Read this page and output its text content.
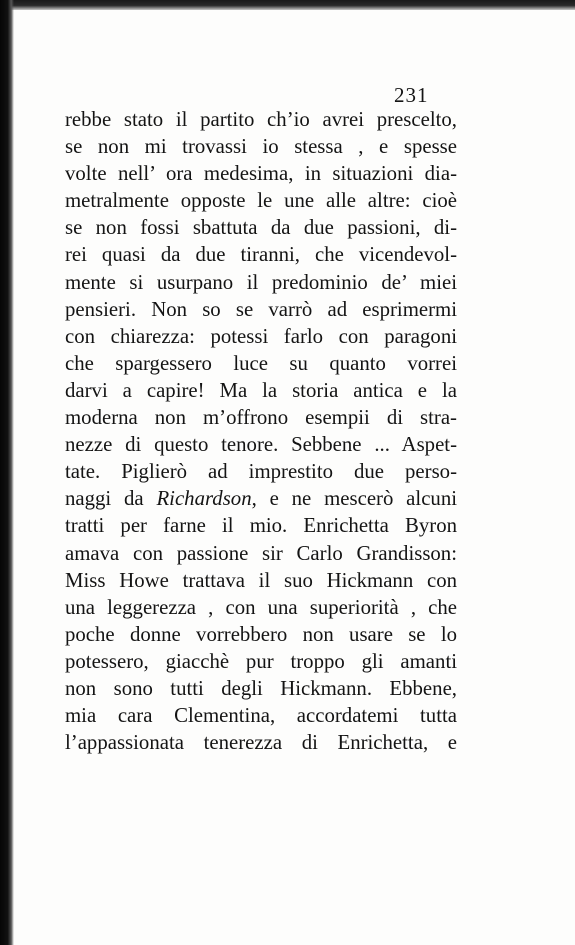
231
rebbe stato il partito ch’io avrei prescelto,
se non mi trovassi io stessa , e spesse
volte nell’ ora medesima, in situazioni dia-
metralmente opposte le une alle altre: cioè
se non fossi sbattuta da due passioni, di-
rei quasi da due tiranni, che vicendevol-
mente si usurpano il predominio de’ miei
pensieri. Non so se varrò ad esprimermi
con chiarezza: potessi farlo con paragoni
che spargessero luce su quanto vorrei
darvi a capire! Ma la storia antica e la
moderna non m’offrono esempii di stra-
nezze di questo tenore. Sebbene ... Aspet-
tate. Piglierò ad imprestito due perso-
naggi da Richardson, e ne mescerò alcuni
tratti per farne il mio. Enrichetta Byron
amava con passione sir Carlo Grandisson:
Miss Howe trattava il suo Hickmann con
una leggerezza , con una superiorità , che
poche donne vorrebbero non usare se lo
potessero, giacchè pur troppo gli amanti
non sono tutti degli Hickmann. Ebbene,
mia cara Clementina, accordatemi tutta
l’appassionata tenerezza di Enrichetta, e
